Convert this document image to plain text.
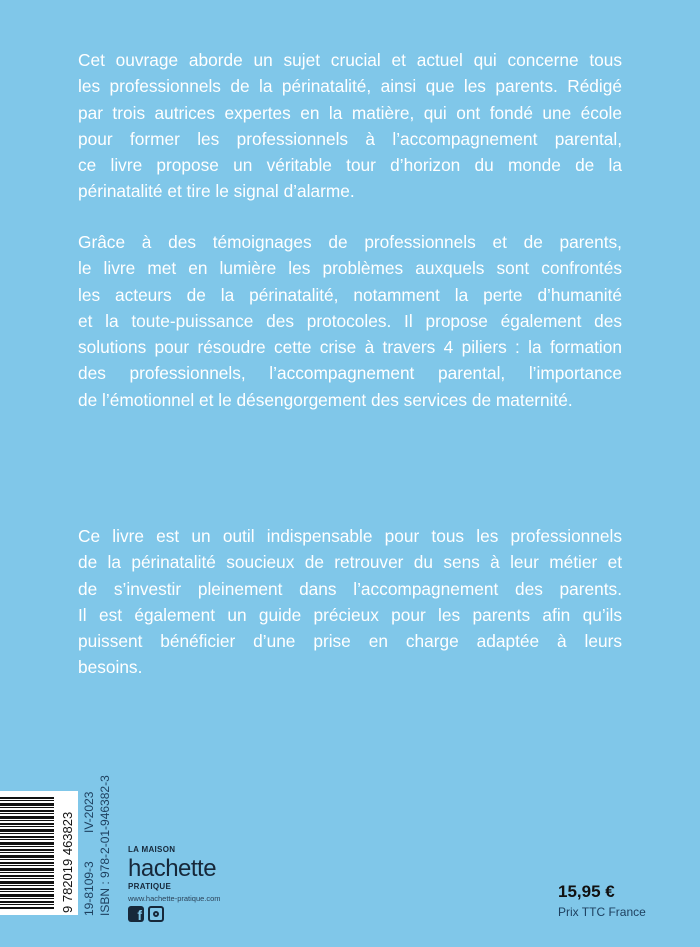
Cet ouvrage aborde un sujet crucial et actuel qui concerne tous
les professionnels de la périnatalité, ainsi que les parents. Rédigé
par trois autrices expertes en la matière, qui ont fondé une école
pour former les professionnels à l’accompagnement parental,
ce livre propose un véritable tour d’horizon du monde de la
périnatalité et tire le signal d’alarme.
Grâce à des témoignages de professionnels et de parents,
le livre met en lumière les problèmes auxquels sont confrontés
les acteurs de la périnatalité, notamment la perte d’humanité
et la toute-puissance des protocoles. Il propose également des
solutions pour résoudre cette crise à travers 4 piliers : la formation
des professionnels, l’accompagnement parental, l’importance
de l’émotionnel et le désengorgement des services de maternité.
Ce livre est un outil indispensable pour tous les professionnels
de la périnatalité soucieux de retrouver du sens à leur métier et
de s’investir pleinement dans l’accompagnement des parents.
Il est également un guide précieux pour les parents afin qu’ils
puissent bénéficier d’une prise en charge adaptée à leurs
besoins.
9 782019 463823 19-8109-3
IV-2023 ISBN : 978-2-01-946382-3 LA MAISON
hachette
PRATIQUE
www.hachette-pratique.com
f
15,95 €
Prix TTC France
